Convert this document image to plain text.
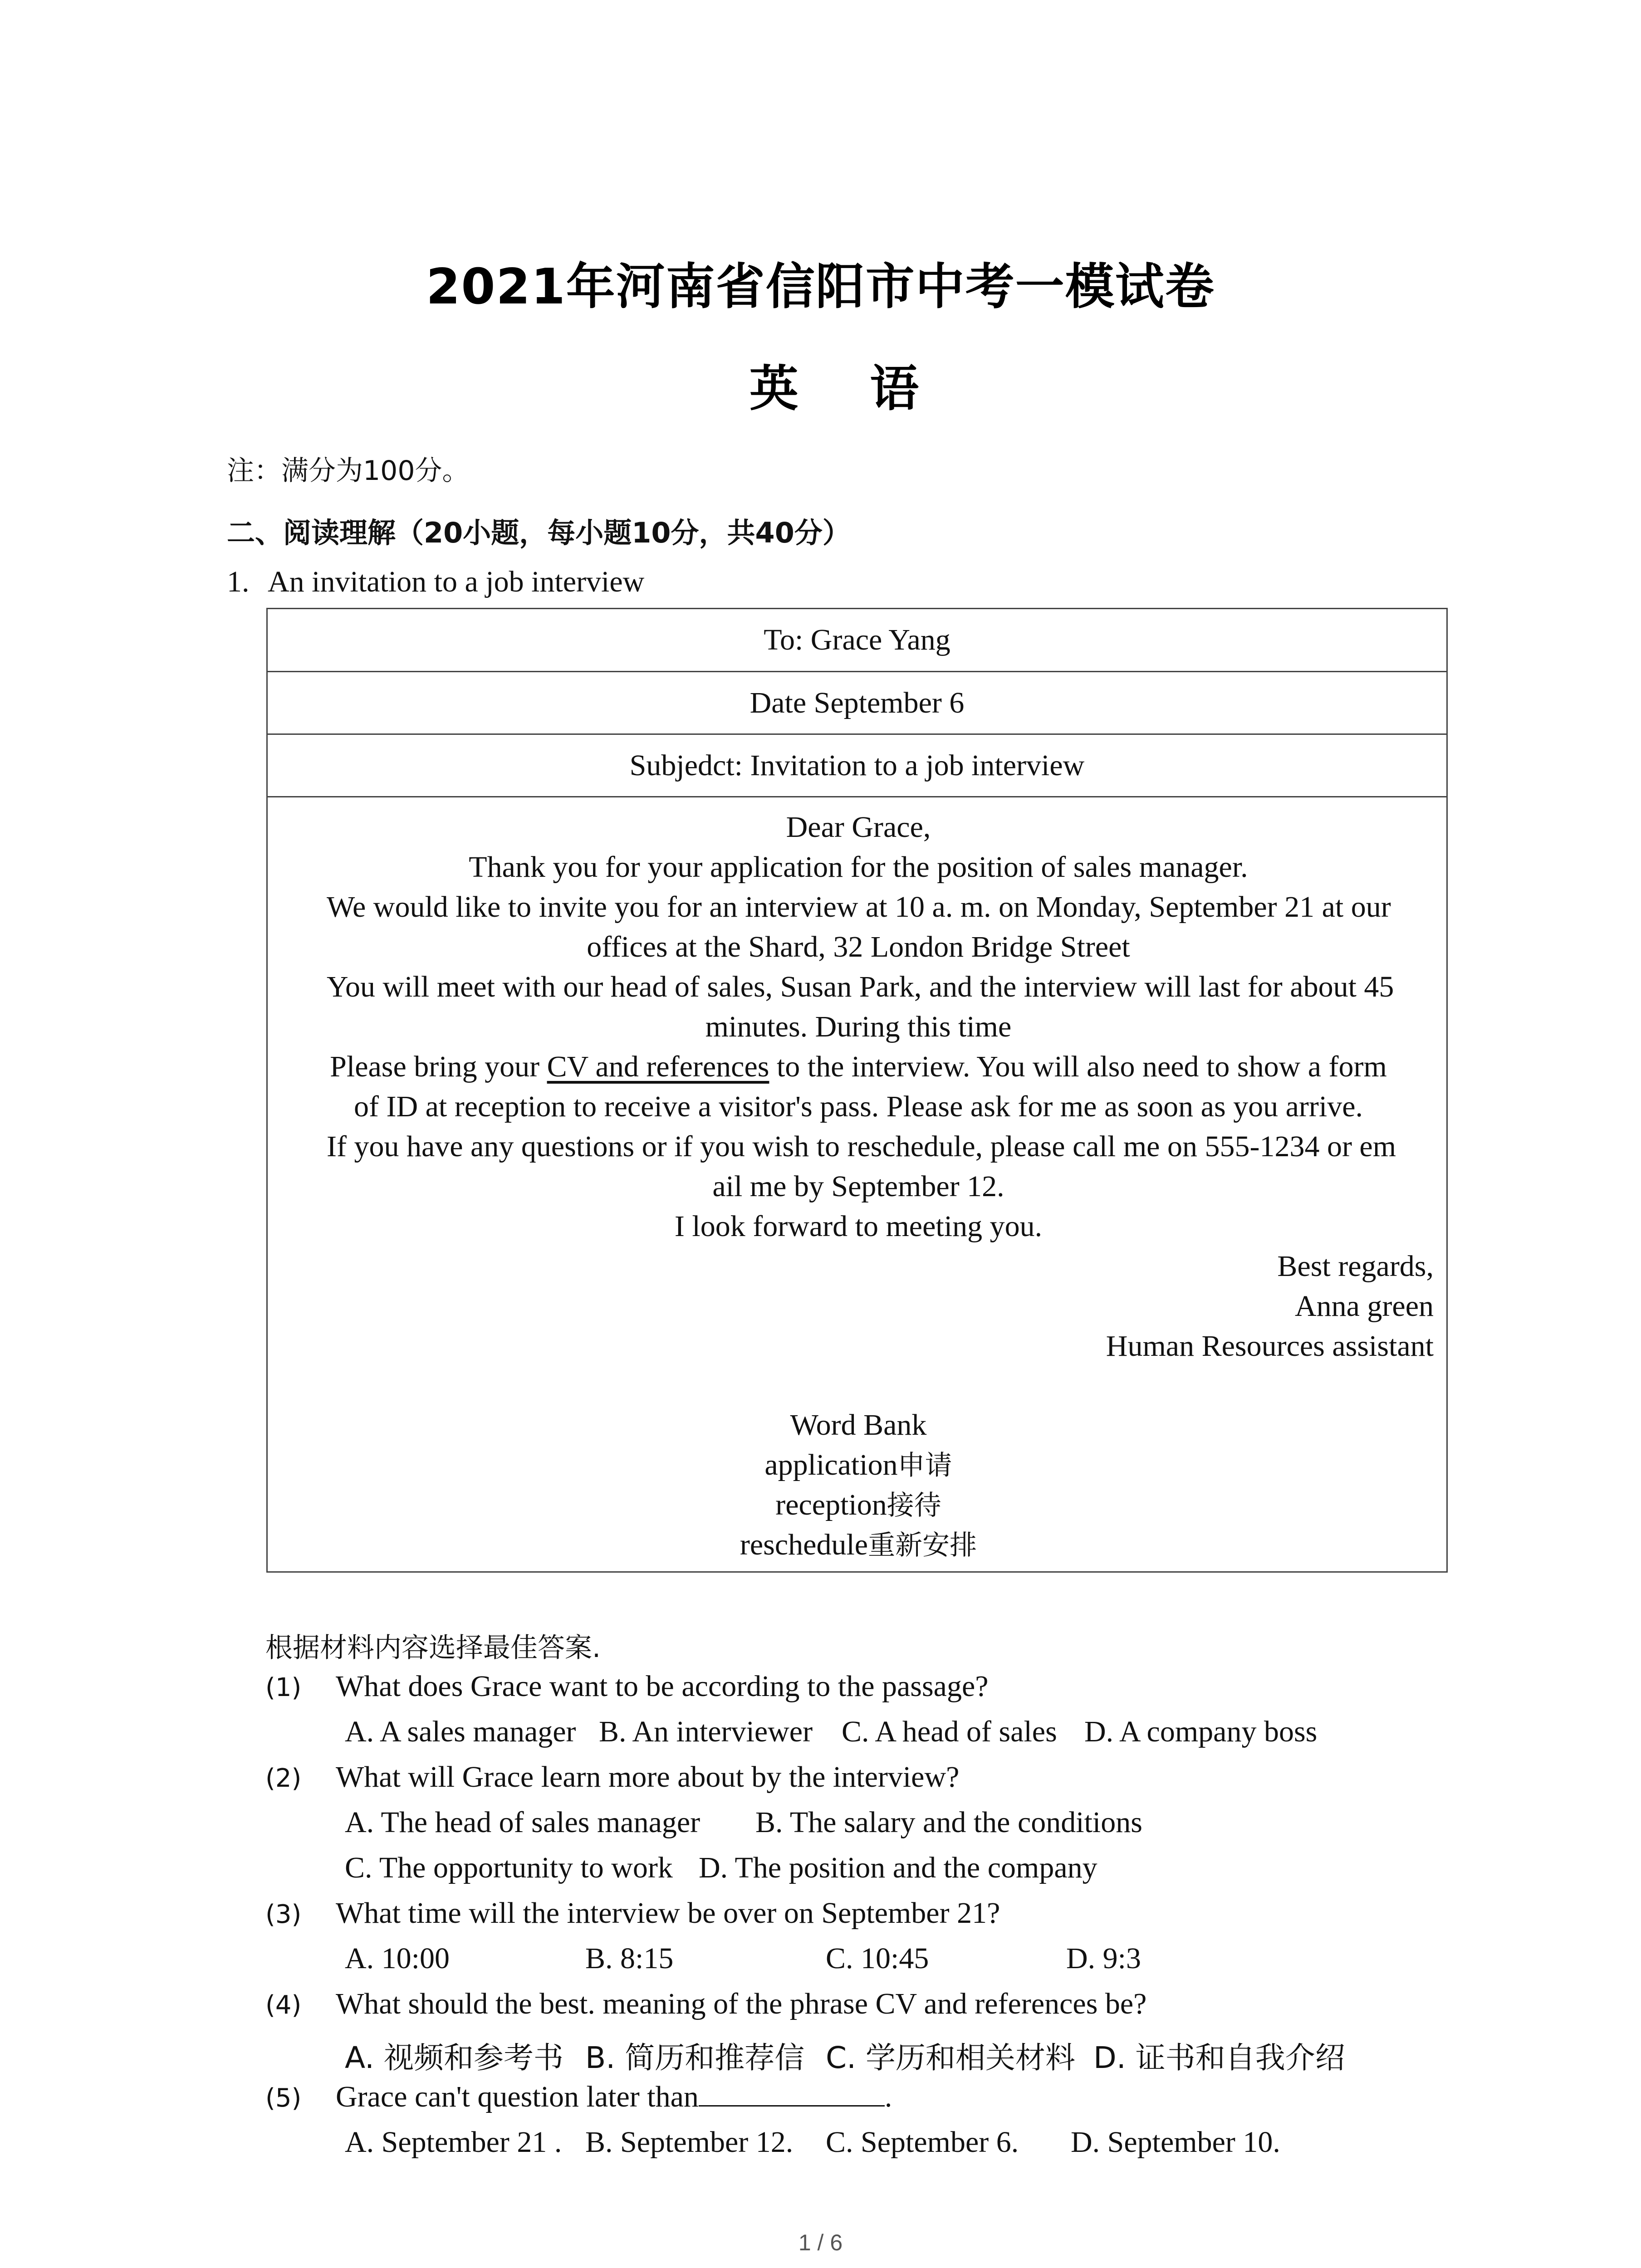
2021年河南省信阳市中考一模试卷
英 语
注：满分为100分。
二、阅读理解（20小题，每小题10分，共40分）
1. An invitation to a job interview
To: Grace Yang
Date September 6
Subjedct: Invitation to a job interview
Dear Grace,
Thank you for your application for the position of sales manager.
We would like to invite you for an interview at 10 a. m. on Monday, September 21 at our
offices at the Shard, 32 London Bridge Street
You will meet with our head of sales, Susan Park, and the interview will last for about 45
minutes. During this time
Please bring your CV and references to the interview. You will also need to show a form
of ID at reception to receive a visitor's pass. Please ask for me as soon as you arrive.
If you have any questions or if you wish to reschedule, please call me on 555-1234 or em
ail me by September 12.
I look forward to meeting you.
Best regards,
Anna green
Human Resources assistant
Word Bank
application申请
reception接待
reschedule重新安排
根据材料内容选择最佳答案.
(1) What does Grace want to be according to the passage?
A. A sales manager B. An interviewer C. A head of sales D. A company boss
(2) What will Grace learn more about by the interview?
A. The head of sales manager B. The salary and the conditions
C. The opportunity to work D. The position and the company
(3) What time will the interview be over on September 21?
A. 10:00	B. 8:15	C. 10:45	D. 9:3
(4) What should the best. meaning of the phrase CV and references be?
A. 视频和参考书 B. 简历和推荐信 C. 学历和相关材料 D. 证书和自我介绍
(5) Grace can't question later than	.
A. September 21 . B. September 12. C. September 6. D. September 10.
1 / 6
